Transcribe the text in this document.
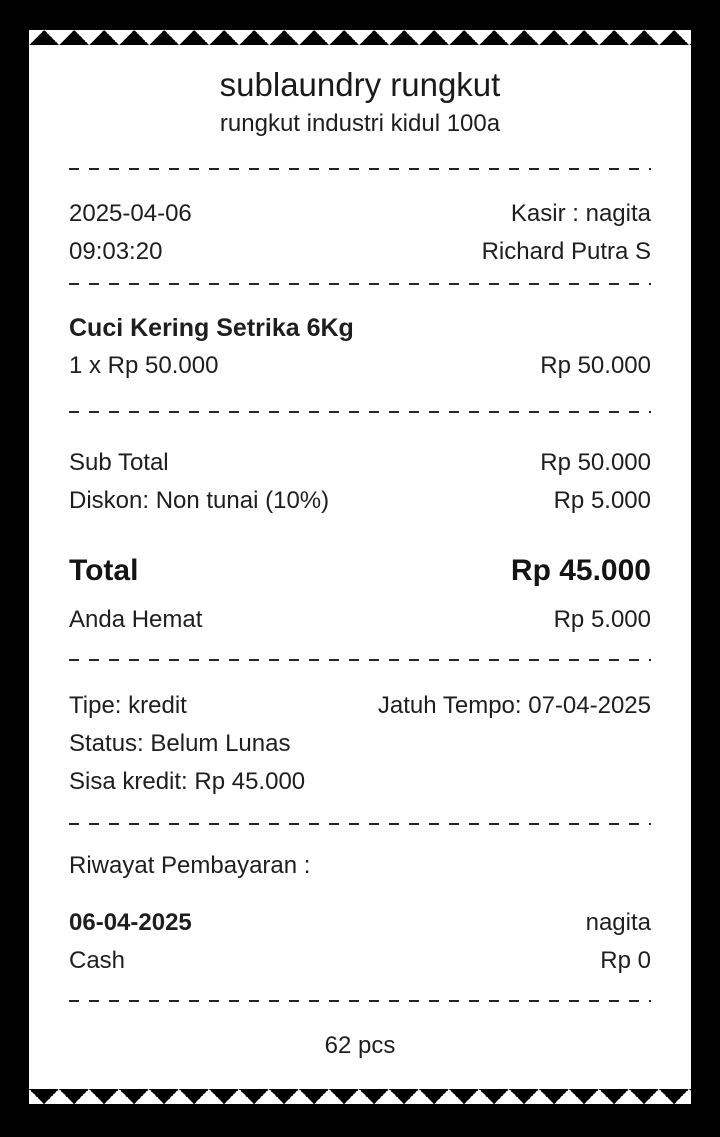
sublaundry rungkut
rungkut industri kidul 100a
2025-04-06	Kasir : nagita
09:03:20	Richard Putra S
Cuci Kering Setrika 6Kg
1 x Rp 50.000	Rp 50.000
Sub Total	Rp 50.000
Diskon: Non tunai (10%)	Rp 5.000
Total	Rp 45.000
Anda Hemat	Rp 5.000
Tipe: kredit	Jatuh Tempo: 07-04-2025
Status: Belum Lunas
Sisa kredit: Rp 45.000
Riwayat Pembayaran :
06-04-2025	nagita
Cash	Rp 0
62 pcs
